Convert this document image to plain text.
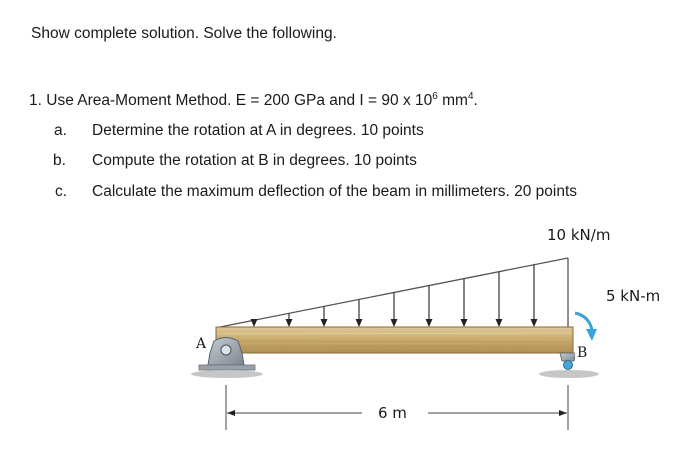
Show complete solution. Solve the following.
1. Use Area-Moment Method. E = 200 GPa and I = 90 x $10^6$ $mm^4$.
a. Determine the rotation at A in degrees. 10 points
b. Compute the rotation at B in degrees. 10 points
c. Calculate the maximum deflection of the beam in millimeters. 20 points
A
B
10 kN/m
5 kN-m
6 m
